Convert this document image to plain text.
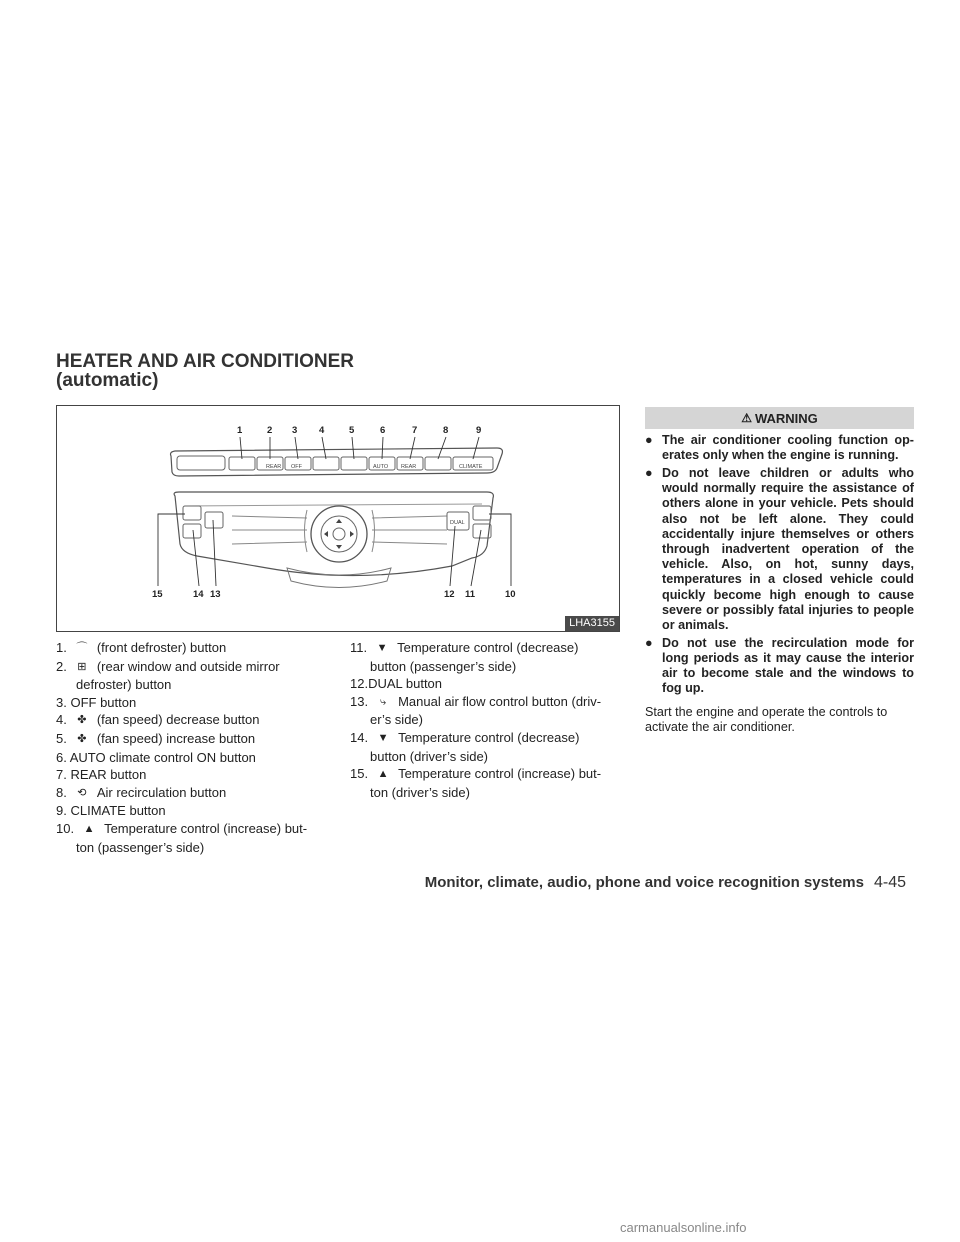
HEATER AND AIR CONDITIONER
(automatic)
1	2 3 4	5	6	7	8	9
15	14 13	12 11	10
REAR OFF	AUTO REAR	CLIMATE
DUAL
LHA3155
1. ⌒ (front defroster) button
2. ⊞ (rear window and outside mirror
defroster) button
3. OFF button
4. ✤ (fan speed) decrease button
5. ✤ (fan speed) increase button
6. AUTO climate control ON button
7. REAR button
8. ⟲ Air recirculation button
9. CLIMATE button
10. ▲ Temperature control (increase) but-
ton (passenger’s side)
11. ▼ Temperature control (decrease)
button (passenger’s side)
12.DUAL button
13. ⤷ Manual air flow control button (driv-
er’s side)
14. ▼ Temperature control (decrease)
button (driver’s side)
15. ▲ Temperature control (increase) but-
ton (driver’s side)
⚠ WARNING
● The air conditioner cooling function op- erates only when the engine is running.
● Do not leave children or adults who would normally require the assistance of others alone in your vehicle. Pets should also not be left alone. They could accidentally injure themselves or others through inadvertent operation of the vehicle. Also, on hot, sunny days, temperatures in a closed vehicle could quickly become high enough to cause severe or possibly fatal injuries to people or animals.
● Do not use the recirculation mode for long periods as it may cause the interior air to become stale and the windows to fog up.
Start the engine and operate the controls to activate the air conditioner.
Monitor, climate, audio, phone and voice recognition systems 4-45
carmanualsonline.info
